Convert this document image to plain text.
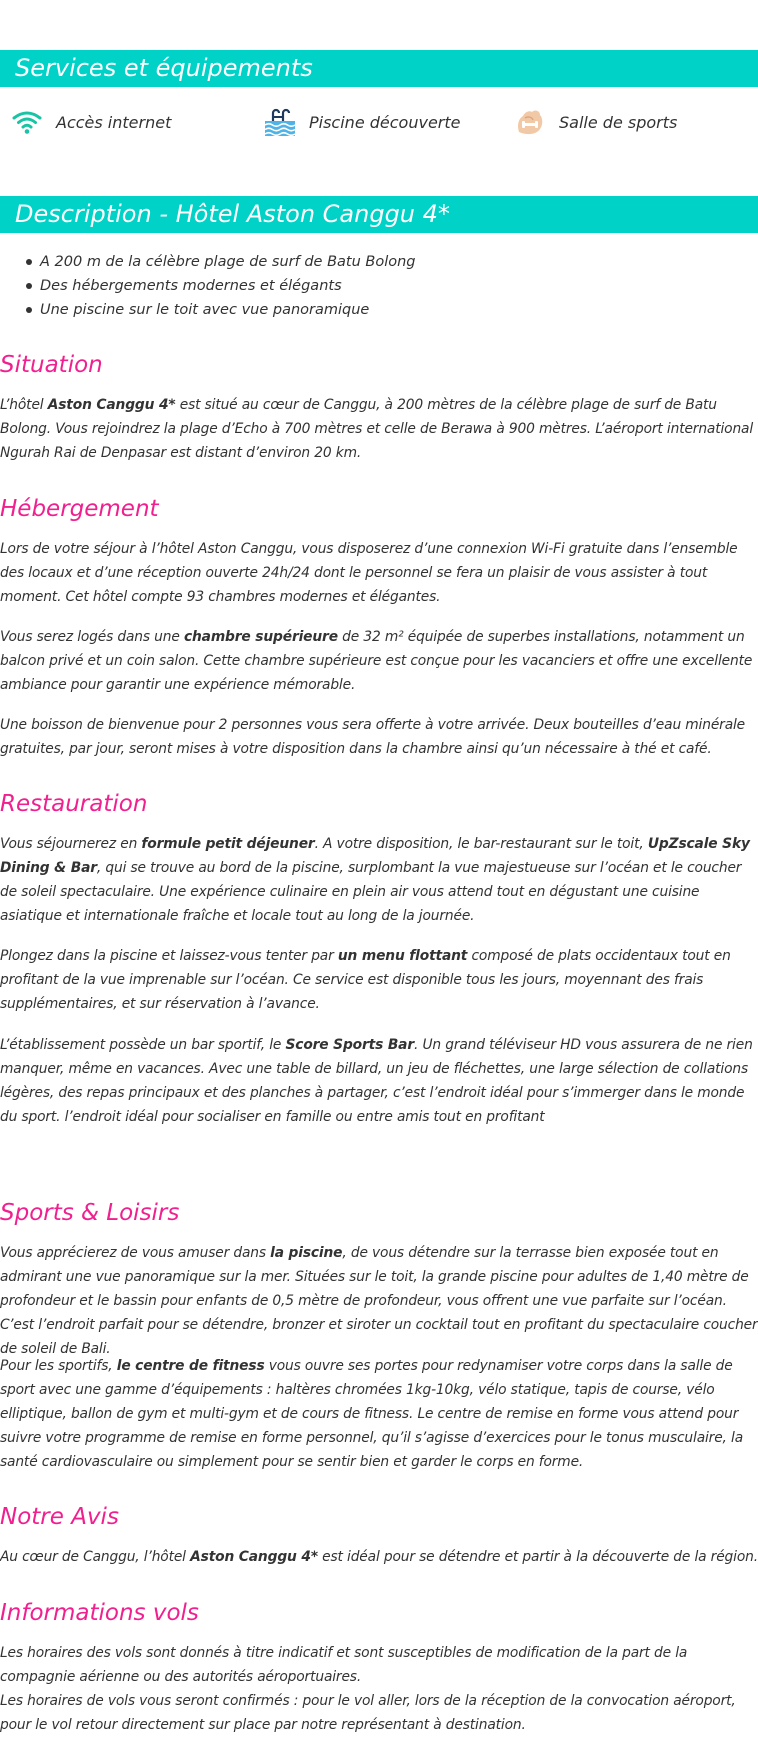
Services et équipements
Accès internet	Piscine découverte	Salle de sports
Description - Hôtel Aston Canggu 4*
A 200 m de la célèbre plage de surf de Batu Bolong
Des hébergements modernes et élégants
Une piscine sur le toit avec vue panoramique
Situation

L’hôtel Aston Canggu 4* est situé au cœur de Canggu, à 200 mètres de la célèbre plage de surf de Batu Bolong. Vous rejoindrez la plage d’Echo à 700 mètres et celle de Berawa à 900 mètres. L’aéroport international Ngurah Rai de Denpasar est distant d’environ 20 km.

Hébergement

Lors de votre séjour à l’hôtel Aston Canggu, vous disposerez d’une connexion Wi-Fi gratuite dans l’ensemble des locaux et d’une réception ouverte 24h/24 dont le personnel se fera un plaisir de vous assister à tout moment. Cet hôtel compte 93 chambres modernes et élégantes.

Vous serez logés dans une chambre supérieure de 32 m² équipée de superbes installations, notamment un balcon privé et un coin salon. Cette chambre supérieure est conçue pour les vacanciers et offre une excellente ambiance pour garantir une expérience mémorable.

Une boisson de bienvenue pour 2 personnes vous sera offerte à votre arrivée. Deux bouteilles d’eau minérale gratuites, par jour, seront mises à votre disposition dans la chambre ainsi qu’un nécessaire à thé et café.

Restauration

Vous séjournerez en formule petit déjeuner. A votre disposition, le bar-restaurant sur le toit, UpZscale Sky Dining & Bar, qui se trouve au bord de la piscine, surplombant la vue majestueuse sur l’océan et le coucher de soleil spectaculaire. Une expérience culinaire en plein air vous attend tout en dégustant une cuisine asiatique et internationale fraîche et locale tout au long de la journée.

Plongez dans la piscine et laissez-vous tenter par un menu flottant composé de plats occidentaux tout en profitant de la vue imprenable sur l’océan. Ce service est disponible tous les jours, moyennant des frais supplémentaires, et sur réservation à l’avance.

L’établissement possède un bar sportif, le Score Sports Bar. Un grand téléviseur HD vous assurera de ne rien manquer, même en vacances. Avec une table de billard, un jeu de fléchettes, une large sélection de collations légères, des repas principaux et des planches à partager, c’est l’endroit idéal pour s’immerger dans le monde du sport. l’endroit idéal pour socialiser en famille ou entre amis tout en profitant

Sports & Loisirs

Vous apprécierez de vous amuser dans la piscine, de vous détendre sur la terrasse bien exposée tout en admirant une vue panoramique sur la mer. Situées sur le toit, la grande piscine pour adultes de 1,40 mètre de profondeur et le bassin pour enfants de 0,5 mètre de profondeur, vous offrent une vue parfaite sur l’océan. C’est l’endroit parfait pour se détendre, bronzer et siroter un cocktail tout en profitant du spectaculaire coucher de soleil de Bali.

Pour les sportifs, le centre de fitness vous ouvre ses portes pour redynamiser votre corps dans la salle de sport avec une gamme d’équipements : haltères chromées 1kg-10kg, vélo statique, tapis de course, vélo elliptique, ballon de gym et multi-gym et de cours de fitness. Le centre de remise en forme vous attend pour suivre votre programme de remise en forme personnel, qu’il s’agisse d’exercices pour le tonus musculaire, la santé cardiovasculaire ou simplement pour se sentir bien et garder le corps en forme.

Notre Avis

Au cœur de Canggu, l’hôtel Aston Canggu 4* est idéal pour se détendre et partir à la découverte de la région.

Informations vols

Les horaires des vols sont donnés à titre indicatif et sont susceptibles de modification de la part de la compagnie aérienne ou des autorités aéroportuaires.

Les horaires de vols vous seront confirmés : pour le vol aller, lors de la réception de la convocation aéroport, pour le vol retour directement sur place par notre représentant à destination.
